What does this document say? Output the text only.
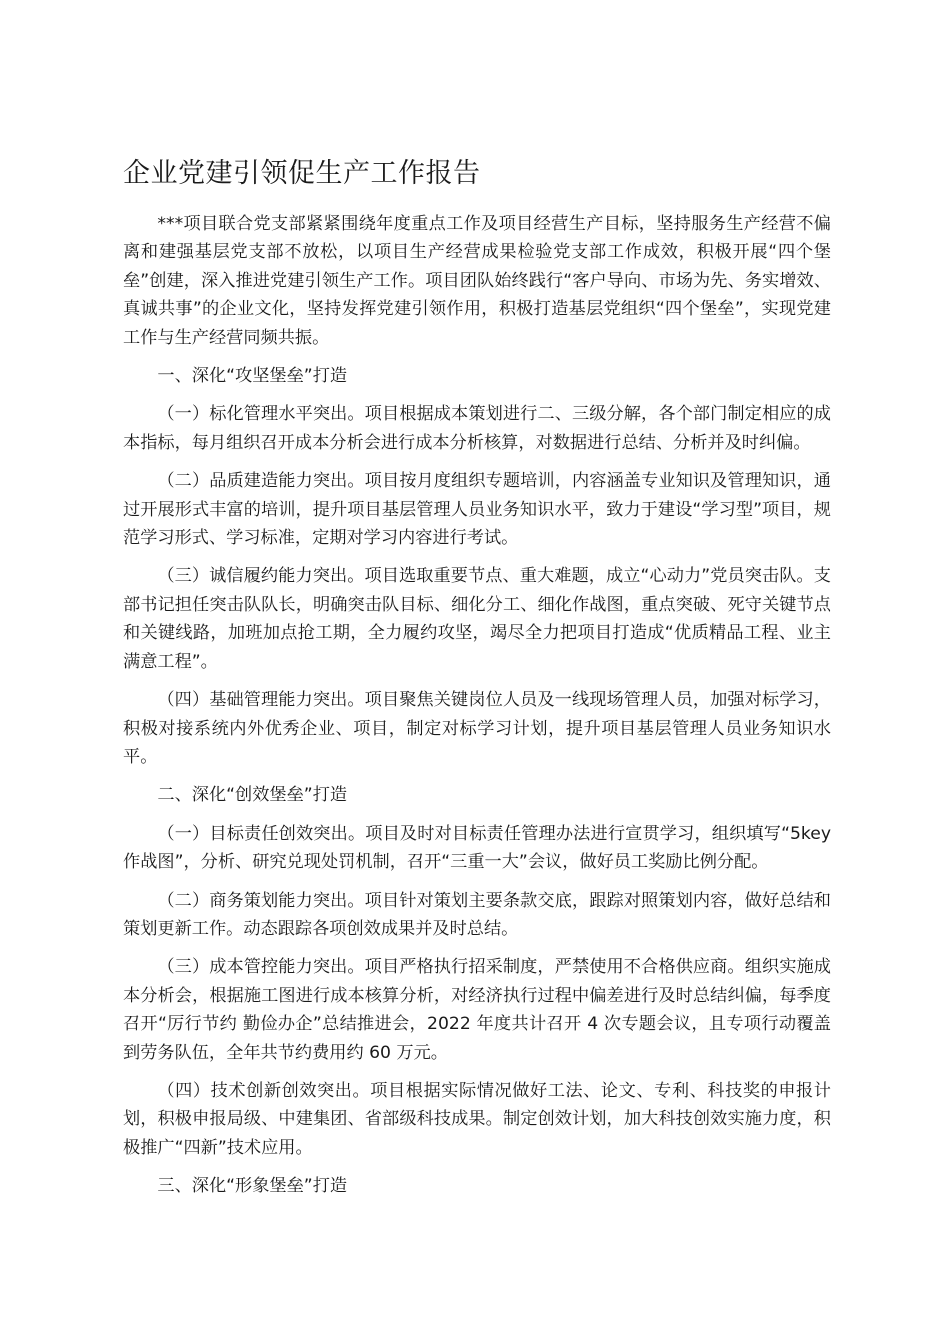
企业党建引领促生产工作报告

***项目联合党支部紧紧围绕年度重点工作及项目经营生产目标，坚持服务生产经营不偏离和建强基层党支部不放松，以项目生产经营成果检验党支部工作成效，积极开展“四个堡垒”创建，深入推进党建引领生产工作。项目团队始终践行“客户导向、市场为先、务实增效、真诚共事”的企业文化，坚持发挥党建引领作用，积极打造基层党组织“四个堡垒”，实现党建工作与生产经营同频共振。

一、深化“攻坚堡垒”打造

（一）标化管理水平突出。项目根据成本策划进行二、三级分解，各个部门制定相应的成本指标，每月组织召开成本分析会进行成本分析核算，对数据进行总结、分析并及时纠偏。

（二）品质建造能力突出。项目按月度组织专题培训，内容涵盖专业知识及管理知识，通过开展形式丰富的培训，提升项目基层管理人员业务知识水平，致力于建设“学习型”项目，规范学习形式、学习标准，定期对学习内容进行考试。

（三）诚信履约能力突出。项目选取重要节点、重大难题，成立“心动力”党员突击队。支部书记担任突击队队长，明确突击队目标、细化分工、细化作战图，重点突破、死守关键节点和关键线路，加班加点抢工期，全力履约攻坚，竭尽全力把项目打造成“优质精品工程、业主满意工程”。

（四）基础管理能力突出。项目聚焦关键岗位人员及一线现场管理人员，加强对标学习，积极对接系统内外优秀企业、项目，制定对标学习计划，提升项目基层管理人员业务知识水平。

二、深化“创效堡垒”打造

（一）目标责任创效突出。项目及时对目标责任管理办法进行宣贯学习，组织填写“5key 作战图”，分析、研究兑现处罚机制，召开“三重一大”会议，做好员工奖励比例分配。

（二）商务策划能力突出。项目针对策划主要条款交底，跟踪对照策划内容，做好总结和策划更新工作。动态跟踪各项创效成果并及时总结。

（三）成本管控能力突出。项目严格执行招采制度，严禁使用不合格供应商。组织实施成本分析会，根据施工图进行成本核算分析，对经济执行过程中偏差进行及时总结纠偏，每季度召开“厉行节约 勤俭办企”总结推进会，2022 年度共计召开 4 次专题会议，且专项行动覆盖到劳务队伍，全年共节约费用约 60 万元。

（四）技术创新创效突出。项目根据实际情况做好工法、论文、专利、科技奖的申报计划，积极申报局级、中建集团、省部级科技成果。制定创效计划，加大科技创效实施力度，积极推广“四新”技术应用。

三、深化“形象堡垒”打造
